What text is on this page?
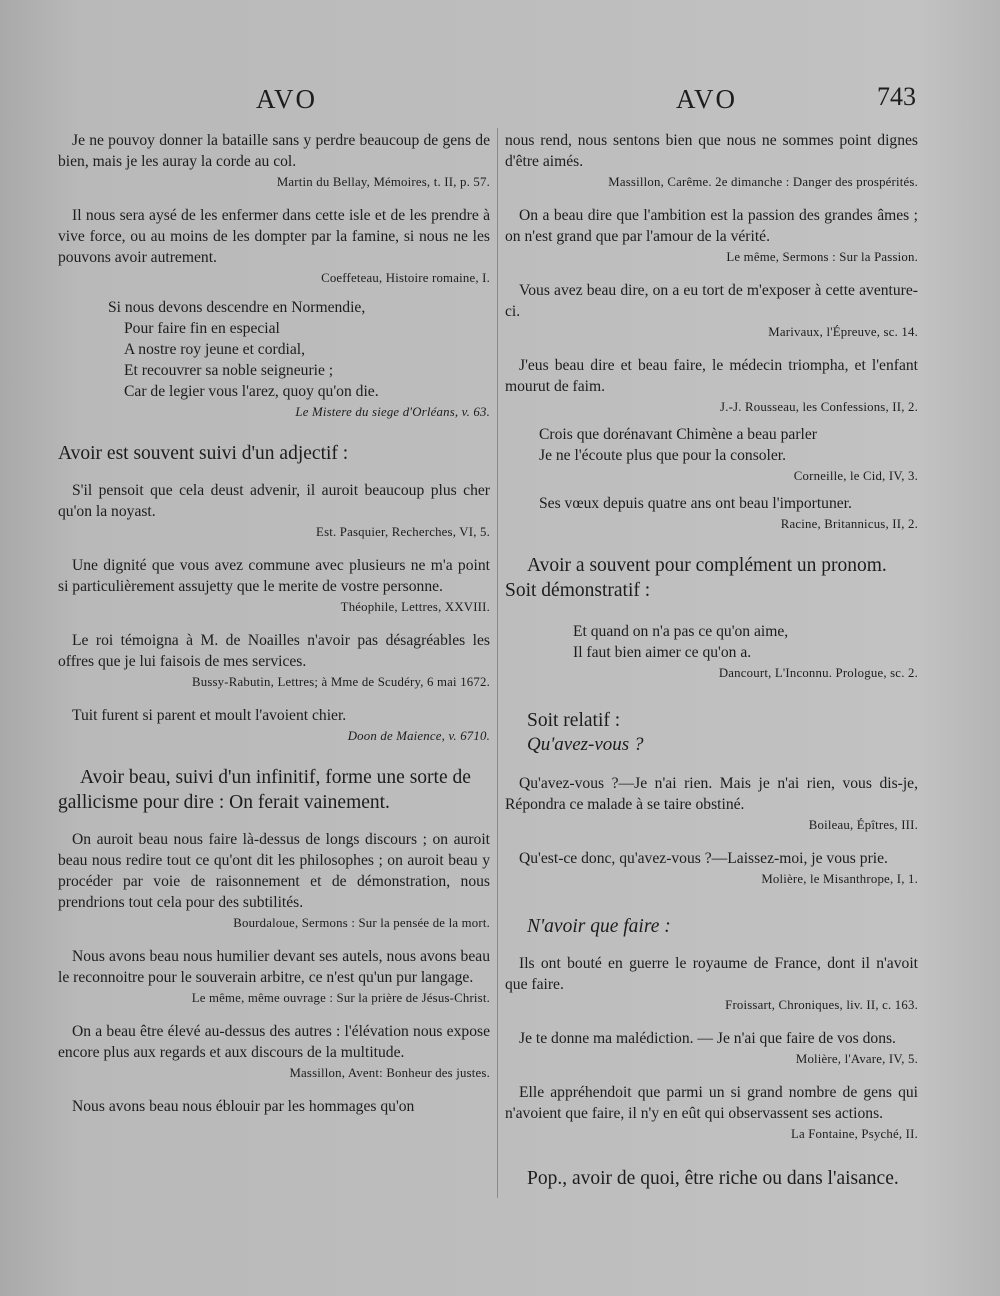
AVO	AVO	743

Je ne pouvoy donner la bataille sans y perdre beaucoup de gens de bien, mais je les auray la corde au col.

Martin du Bellay, Mémoires, t. II, p. 57.

Il nous sera aysé de les enfermer dans cette isle et de les prendre à vive force, ou au moins de les dompter par la famine, si nous ne les pouvons avoir autrement.

Coeffeteau, Histoire romaine, I.

Si nous devons descendre en Normendie,
Pour faire fin en especial
A nostre roy jeune et cordial,
Et recouvrer sa noble seigneurie ;
Car de legier vous l'arez, quoy qu'on die.

Le Mistere du siege d'Orléans, v. 63.

Avoir est souvent suivi d'un adjectif :

S'il pensoit que cela deust advenir, il auroit beaucoup plus cher qu'on la noyast.

Est. Pasquier, Recherches, VI, 5.

Une dignité que vous avez commune avec plusieurs ne m'a point si particulièrement assujetty que le merite de vostre personne.

Théophile, Lettres, XXVIII.

Le roi témoigna à M. de Noailles n'avoir pas désagréables les offres que je lui faisois de mes services.

Bussy-Rabutin, Lettres; à Mme de Scudéry, 6 mai 1672.

Tuit furent si parent et moult l'avoient chier.

Doon de Maience, v. 6710.

Avoir beau, suivi d'un infinitif, forme une sorte de gallicisme pour dire : On ferait vainement.

On auroit beau nous faire là-dessus de longs discours ; on auroit beau nous redire tout ce qu'ont dit les philosophes ; on auroit beau y procéder par voie de raisonnement et de démonstration, nous prendrions tout cela pour des subtilités.

Bourdaloue, Sermons : Sur la pensée de la mort.

Nous avons beau nous humilier devant ses autels, nous avons beau le reconnoitre pour le souverain arbitre, ce n'est qu'un pur langage.

Le même, même ouvrage : Sur la prière de Jésus-Christ.

On a beau être élevé au-dessus des autres : l'élévation nous expose encore plus aux regards et aux discours de la multitude.

Massillon, Avent: Bonheur des justes.

Nous avons beau nous éblouir par les hommages qu'on

nous rend, nous sentons bien que nous ne sommes point dignes d'être aimés.

Massillon, Carême. 2e dimanche : Danger des prospérités.

On a beau dire que l'ambition est la passion des grandes âmes ; on n'est grand que par l'amour de la vérité.

Le même, Sermons : Sur la Passion.

Vous avez beau dire, on a eu tort de m'exposer à cette aventure-ci.

Marivaux, l'Épreuve, sc. 14.

J'eus beau dire et beau faire, le médecin triompha, et l'enfant mourut de faim.

J.-J. Rousseau, les Confessions, II, 2.

Crois que dorénavant Chimène a beau parler
Je ne l'écoute plus que pour la consoler.

Corneille, le Cid, IV, 3.

Ses vœux depuis quatre ans ont beau l'importuner.

Racine, Britannicus, II, 2.

Avoir a souvent pour complément un pronom. Soit démonstratif :

Et quand on n'a pas ce qu'on aime,
Il faut bien aimer ce qu'on a.

Dancourt, L'Inconnu. Prologue, sc. 2.

Soit relatif :

Qu'avez-vous ?

Qu'avez-vous ?—Je n'ai rien. Mais je n'ai rien, vous dis-je, Répondra ce malade à se taire obstiné.

Boileau, Épîtres, III.

Qu'est-ce donc, qu'avez-vous ?—Laissez-moi, je vous prie.

Molière, le Misanthrope, I, 1.

N'avoir que faire :

Ils ont bouté en guerre le royaume de France, dont il n'avoit que faire.

Froissart, Chroniques, liv. II, c. 163.

Je te donne ma malédiction. — Je n'ai que faire de vos dons.

Molière, l'Avare, IV, 5.

Elle appréhendoit que parmi un si grand nombre de gens qui n'avoient que faire, il n'y en eût qui observassent ses actions.

La Fontaine, Psyché, II.

Pop., avoir de quoi, être riche ou dans l'aisance.
